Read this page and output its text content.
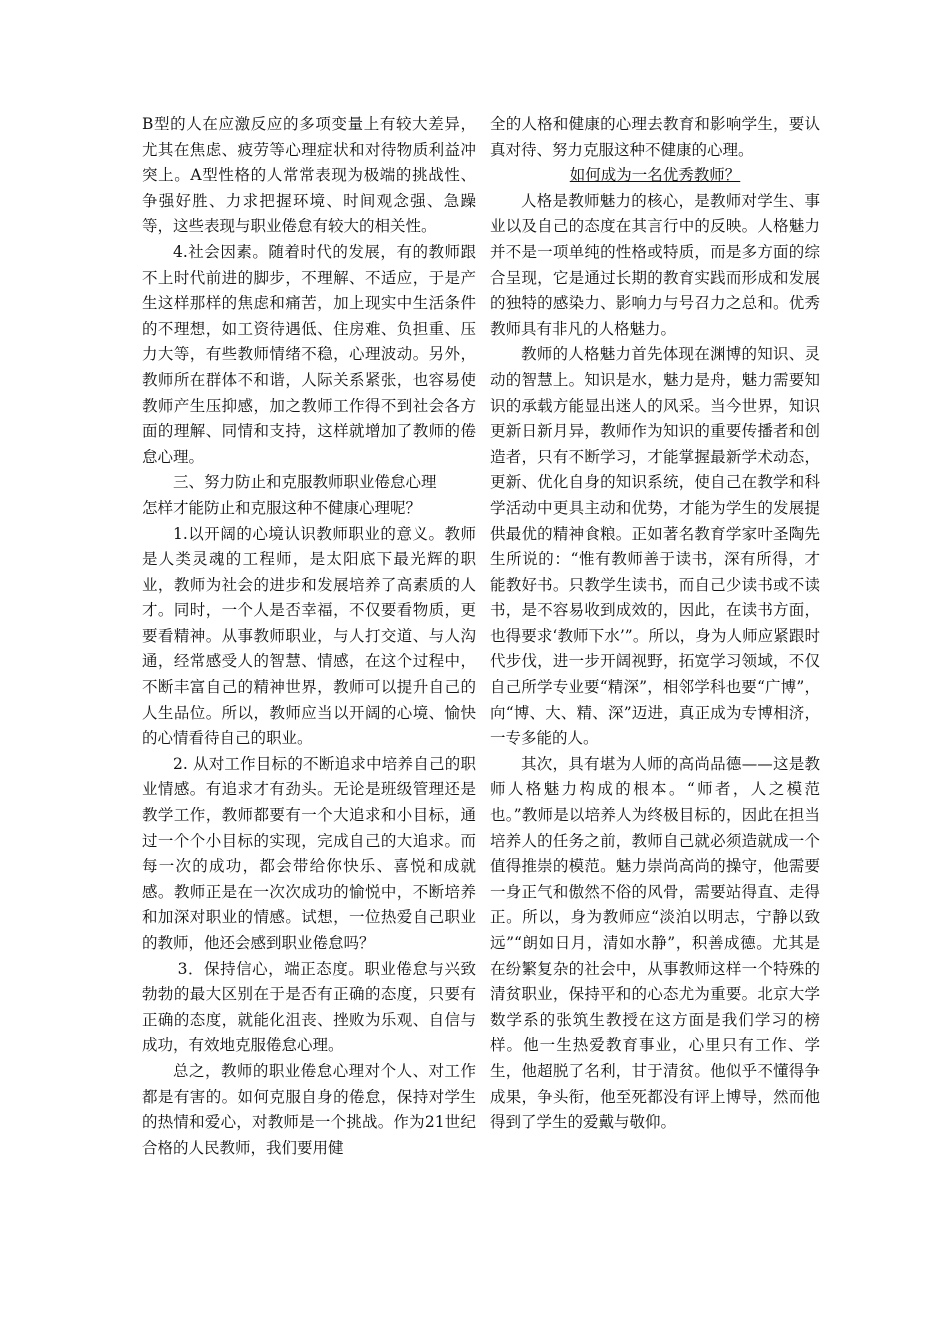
B型的人在应激反应的多项变量上有较大差异，尤其在焦虑、疲劳等心理症状和对待物质利益冲突上。A型性格的人常常表现为极端的挑战性、争强好胜、力求把握环境、时间观念强、急躁等，这些表现与职业倦怠有较大的相关性。

4.社会因素。随着时代的发展，有的教师跟不上时代前进的脚步，不理解、不适应，于是产生这样那样的焦虑和痛苦，加上现实中生活条件的不理想，如工资待遇低、住房难、负担重、压力大等，有些教师情绪不稳，心理波动。另外，教师所在群体不和谐，人际关系紧张，也容易使教师产生压抑感，加之教师工作得不到社会各方面的理解、同情和支持，这样就增加了教师的倦怠心理。

三、努力防止和克服教师职业倦怠心理

怎样才能防止和克服这种不健康心理呢？

1.以开阔的心境认识教师职业的意义。教师是人类灵魂的工程师，是太阳底下最光辉的职业，教师为社会的进步和发展培养了高素质的人才。同时，一个人是否幸福，不仅要看物质，更要看精神。从事教师职业，与人打交道、与人沟通，经常感受人的智慧、情感，在这个过程中，不断丰富自己的精神世界，教师可以提升自己的人生品位。所以，教师应当以开阔的心境、愉快的心情看待自己的职业。

2. 从对工作目标的不断追求中培养自己的职业情感。有追求才有劲头。无论是班级管理还是教学工作，教师都要有一个大追求和小目标，通过一个个小目标的实现，完成自己的大追求。而每一次的成功，都会带给你快乐、喜悦和成就感。教师正是在一次次成功的愉悦中，不断培养和加深对职业的情感。试想，一位热爱自己职业的教师，他还会感到职业倦怠吗？

3．保持信心，端正态度。职业倦怠与兴致勃勃的最大区别在于是否有正确的态度，只要有正确的态度，就能化沮丧、挫败为乐观、自信与成功，有效地克服倦怠心理。

总之，教师的职业倦怠心理对个人、对工作都是有害的。如何克服自身的倦怠，保持对学生的热情和爱心，对教师是一个挑战。作为21世纪合格的人民教师，我们要用健

全的人格和健康的心理去教育和影响学生，要认真对待、努力克服这种不健康的心理。

如何成为一名优秀教师？

人格是教师魅力的核心，是教师对学生、事业以及自己的态度在其言行中的反映。人格魅力并不是一项单纯的性格或特质，而是多方面的综合呈现，它是通过长期的教育实践而形成和发展的独特的感染力、影响力与号召力之总和。优秀教师具有非凡的人格魅力。

教师的人格魅力首先体现在渊博的知识、灵动的智慧上。知识是水，魅力是舟，魅力需要知识的承载方能显出迷人的风采。当今世界，知识更新日新月异，教师作为知识的重要传播者和创造者，只有不断学习，才能掌握最新学术动态，更新、优化自身的知识系统，使自己在教学和科学活动中更具主动和优势，才能为学生的发展提供最优的精神食粮。正如著名教育学家叶圣陶先生所说的：“惟有教师善于读书，深有所得，才能教好书。只教学生读书，而自己少读书或不读书，是不容易收到成效的，因此，在读书方面，也得要求‘教师下水’”。所以，身为人师应紧跟时代步伐，进一步开阔视野，拓宽学习领域，不仅自己所学专业要“精深”，相邻学科也要“广博”，向“博、大、精、深”迈进，真正成为专博相济，一专多能的人。

其次，具有堪为人师的高尚品德——这是教师人格魅力构成的根本。“师者，人之模范也。”教师是以培养人为终极目标的，因此在担当培养人的任务之前，教师自己就必须造就成一个值得推崇的模范。魅力崇尚高尚的操守，他需要一身正气和傲然不俗的风骨，需要站得直、走得正。所以，身为教师应“淡泊以明志，宁静以致远”“朗如日月，清如水静”，积善成德。尤其是在纷繁复杂的社会中，从事教师这样一个特殊的清贫职业，保持平和的心态尤为重要。北京大学数学系的张筑生教授在这方面是我们学习的榜样。他一生热爱教育事业，心里只有工作、学生，他超脱了名利，甘于清贫。他似乎不懂得争成果，争头衔，他至死都没有评上博导，然而他得到了学生的爱戴与敬仰。
